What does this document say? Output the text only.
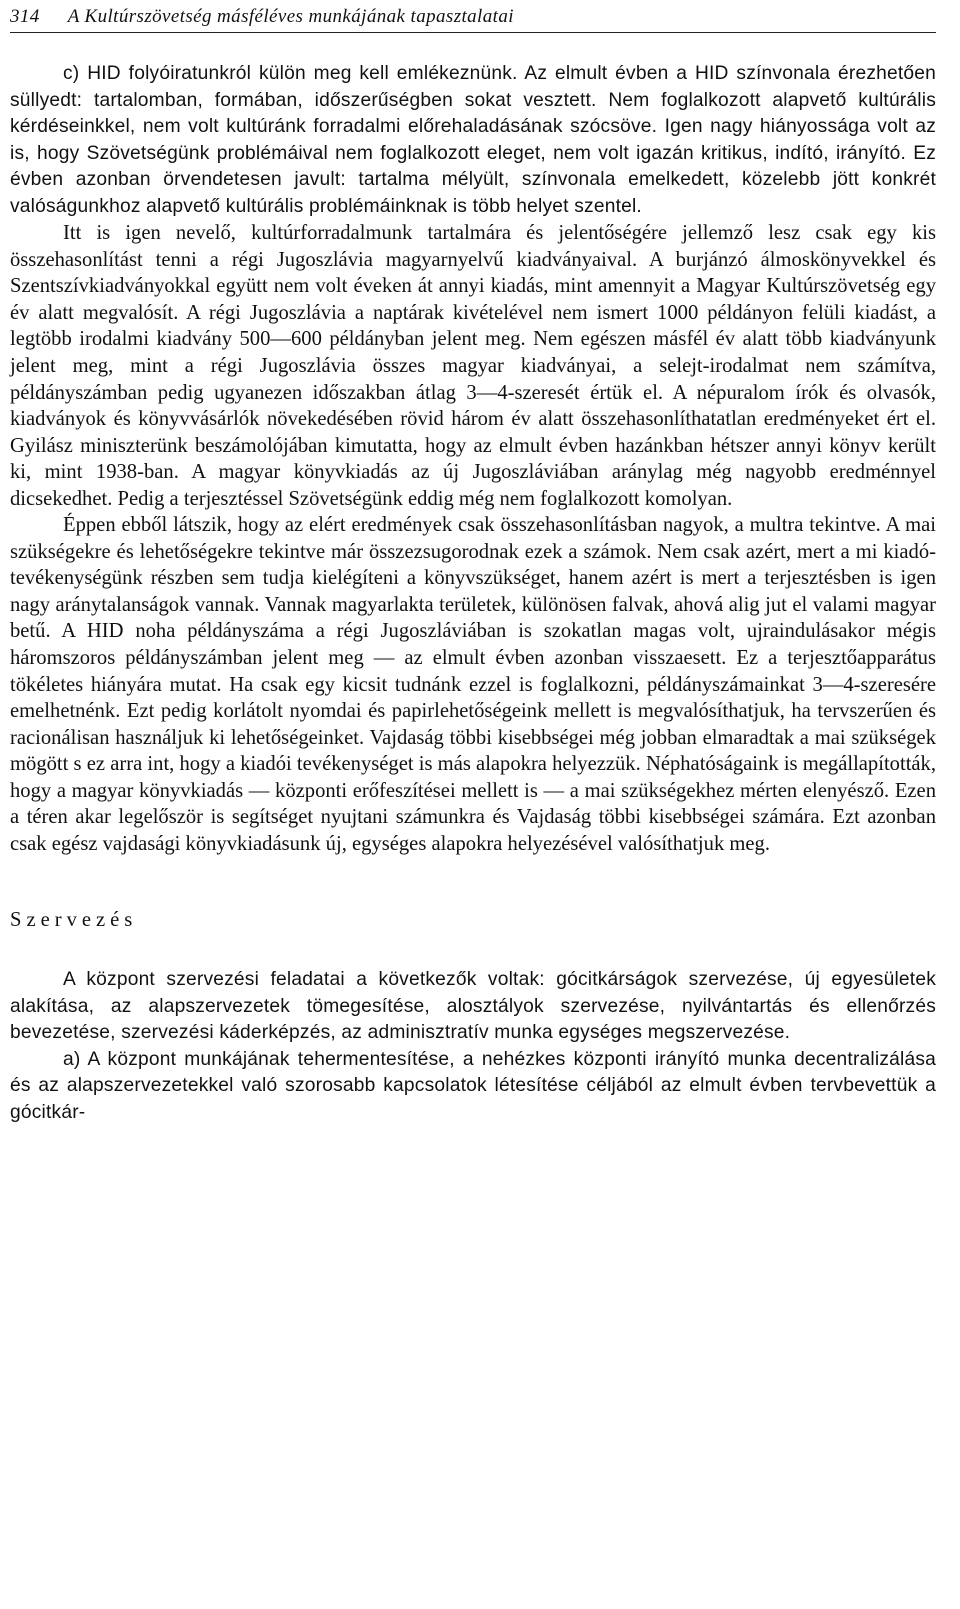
314 A Kultúrszövetség másféléves munkájának tapasztalatai

c) HID folyóiratunkról külön meg kell emlékeznünk. Az elmult évben a HID színvonala érezhetően süllyedt: tartalomban, formában, időszerűségben sokat vesztett. Nem foglalkozott alapvető kultúrális kérdéseinkkel, nem volt kultúránk forradalmi előrehaladásának szócsöve. Igen nagy hiányossága volt az is, hogy Szövetségünk problémáival nem foglalkozott eleget, nem volt igazán kritikus, indító, irányító. Ez évben azonban örvendetesen javult: tartalma mélyült, színvonala emelkedett, közelebb jött konkrét valóságunkhoz alapvető kultúrális problémáinknak is több helyet szentel.

Itt is igen nevelő, kultúrforradalmunk tartalmára és jelentőségére jellemző lesz csak egy kis összehasonlítást tenni a régi Jugoszlávia magyarnyelvű kiadványaival. A burjánzó álmoskönyvekkel és Szentszívkiadványokkal együtt nem volt éveken át annyi kiadás, mint amennyit a Magyar Kultúrszövetség egy év alatt megvalósít. A régi Jugoszlávia a naptárak kivételével nem ismert 1000 példányon felüli kiadást, a legtöbb irodalmi kiadvány 500—600 példányban jelent meg. Nem egészen másfél év alatt több kiadványunk jelent meg, mint a régi Jugoszlávia összes magyar kiadványai, a selejt-irodalmat nem számítva, példányszámban pedig ugyanezen időszakban átlag 3—4-szeresét értük el. A népuralom írók és olvasók, kiadványok és könyvvásárlók növekedésében rövid három év alatt összehasonlíthatatlan eredményeket ért el. Gyilász miniszterünk beszámolójában kimutatta, hogy az elmult évben hazánkban hétszer annyi könyv került ki, mint 1938-ban. A magyar könyvkiadás az új Jugoszláviában aránylag még nagyobb eredménnyel dicsekedhet. Pedig a terjesztéssel Szövetségünk eddig még nem foglalkozott komolyan.

Éppen ebből látszik, hogy az elért eredmények csak összehasonlításban nagyok, a multra tekintve. A mai szükségekre és lehetőségekre tekintve már összezsugorodnak ezek a számok. Nem csak azért, mert a mi kiadó-tevékenységünk részben sem tudja kielégíteni a könyvszükséget, hanem azért is mert a terjesztésben is igen nagy aránytalanságok vannak. Vannak magyarlakta területek, különösen falvak, ahová alig jut el valami magyar betű. A HID noha példányszáma a régi Jugoszláviában is szokatlan magas volt, ujraindulásakor mégis háromszoros példányszámban jelent meg — az elmult évben azonban visszaesett. Ez a terjesztőapparátus tökéletes hiányára mutat. Ha csak egy kicsit tudnánk ezzel is foglalkozni, példányszámainkat 3—4-szeresére emelhetnénk. Ezt pedig korlátolt nyomdai és papirlehetőségeink mellett is megvalósíthatjuk, ha tervszerűen és racionálisan használjuk ki lehetőségeinket. Vajdaság többi kisebbségei még jobban elmaradtak a mai szükségek mögött s ez arra int, hogy a kiadói tevékenységet is más alapokra helyezzük. Néphatóságaink is megállapították, hogy a magyar könyvkiadás — központi erőfeszítései mellett is — a mai szükségekhez mérten elenyésző. Ezen a téren akar legelőször is segítséget nyujtani számunkra és Vajdaság többi kisebbségei számára. Ezt azonban csak egész vajdasági könyvkiadásunk új, egységes alapokra helyezésével valósíthatjuk meg.

Szervezés

A központ szervezési feladatai a következők voltak: gócitkárságok szervezése, új egyesületek alakítása, az alapszervezetek tömegesítése, alosztályok szervezése, nyilvántartás és ellenőrzés bevezetése, szervezési káderképzés, az adminisztratív munka egységes megszervezése.

a) A központ munkájának tehermentesítése, a nehézkes központi irányító munka decentralizálása és az alapszervezetekkel való szorosabb kapcsolatok létesítése céljából az elmult évben tervbevettük a gócitkár-
